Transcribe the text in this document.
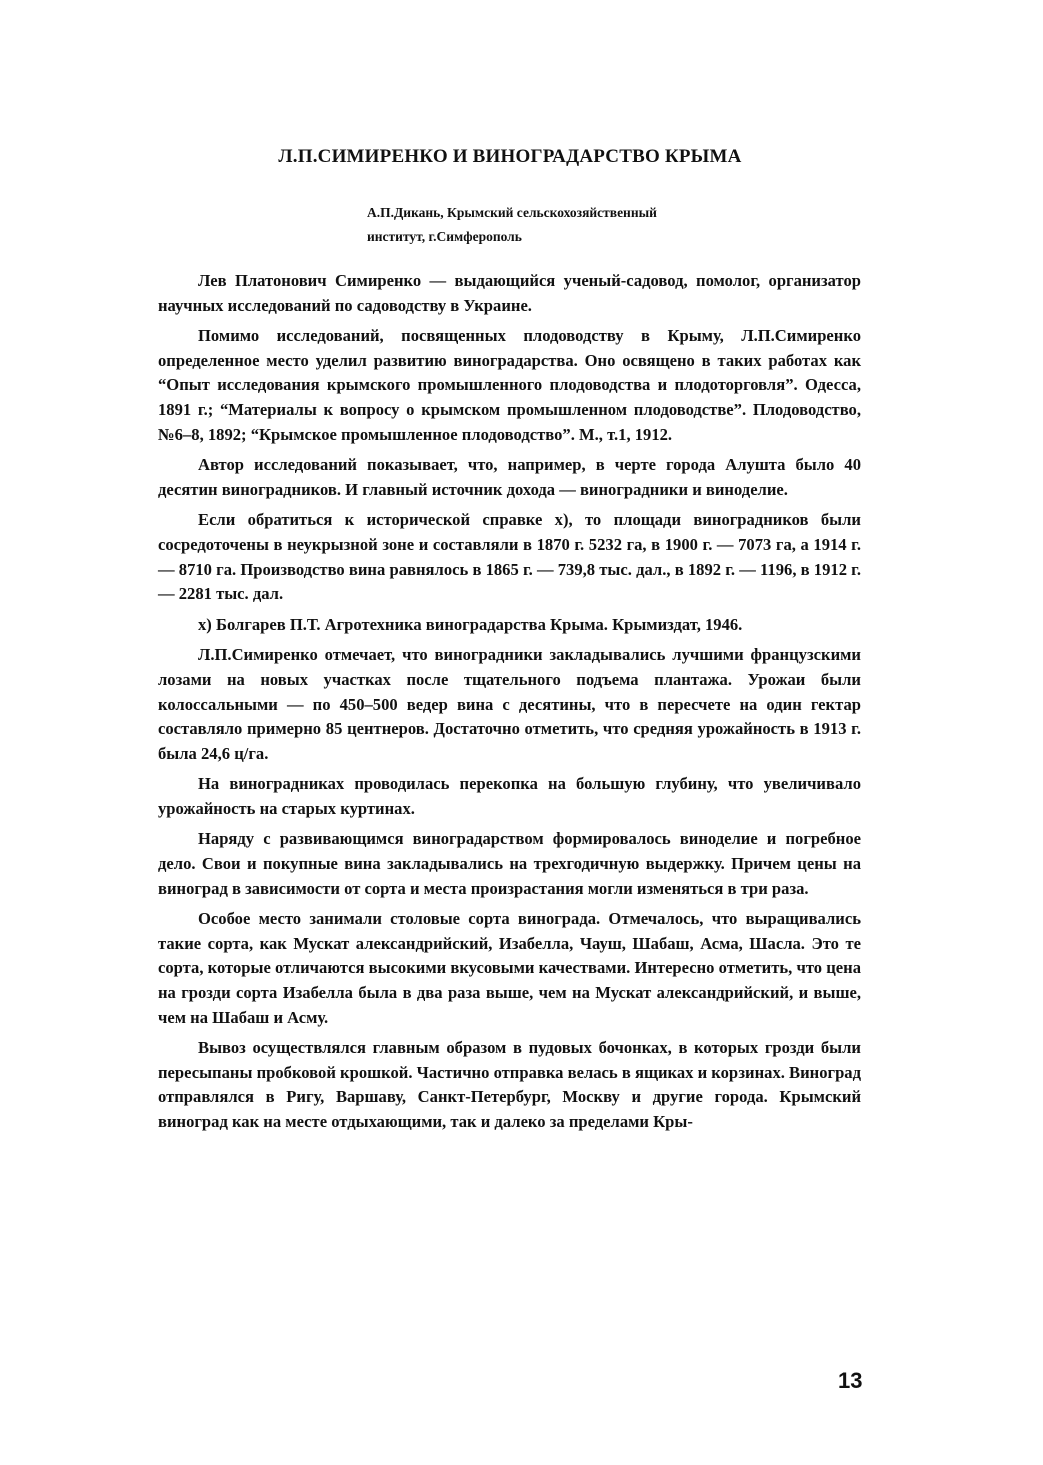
Л.П.СИМИРЕНКО И ВИНОГРАДАРСТВО КРЫМА
А.П.Дикань, Крымский сельскохозяйственный
институт, г.Симферополь

Лев Платонович Симиренко — выдающийся ученый-садовод, помолог, организатор научных исследований по садоводству в Украине.

Помимо исследований, посвященных плодоводству в Крыму, Л.П.Симиренко определенное место уделил развитию виноградарства. Оно освящено в таких работах как “Опыт исследования крымского промышленного плодоводства и плодоторговля”. Одесса, 1891 г.; “Материалы к вопросу о крымском промышленном плодоводстве”. Плодоводство, №6–8, 1892; “Крымское промышленное плодоводство”. М., т.1, 1912.

Автор исследований показывает, что, например, в черте города Алушта было 40 десятин виноградников. И главный источник дохода — виноградники и виноделие.

Если обратиться к исторической справке х), то площади виноградников были сосредоточены в неукрызной зоне и составляли в 1870 г. 5232 га, в 1900 г. — 7073 га, а 1914 г. — 8710 га. Производство вина равнялось в 1865 г. — 739,8 тыс. дал., в 1892 г. — 1196, в 1912 г. — 2281 тыс. дал.

х) Болгарев П.Т. Агротехника виноградарства Крыма. Крымиздат, 1946.

Л.П.Симиренко отмечает, что виноградники закладывались лучшими французскими лозами на новых участках после тщательного подъема плантажа. Урожаи были колоссальными — по 450–500 ведер вина с десятины, что в пересчете на один гектар составляло примерно 85 центнеров. Достаточно отметить, что средняя урожайность в 1913 г. была 24,6 ц/га.

На виноградниках проводилась перекопка на большую глубину, что увеличивало урожайность на старых куртинах.

Наряду с развивающимся виноградарством формировалось виноделие и погребное дело. Свои и покупные вина закладывались на трехгодичную выдержку. Причем цены на виноград в зависимости от сорта и места произрастания могли изменяться в три раза.

Особое место занимали столовые сорта винограда. Отмечалось, что выращивались такие сорта, как Мускат александрийский, Изабелла, Чауш, Шабаш, Асма, Шасла. Это те сорта, которые отличаются высокими вкусовыми качествами. Интересно отметить, что цена на грозди сорта Изабелла была в два раза выше, чем на Мускат александрийский, и выше, чем на Шабаш и Асму.

Вывоз осуществлялся главным образом в пудовых бочонках, в которых грозди были пересыпаны пробковой крошкой. Частично отправка велась в ящиках и корзинах. Виноград отправлялся в Ригу, Варшаву, Санкт-Петербург, Москву и другие города. Крымский виноград как на месте отдыхающими, так и далеко за пределами Кры-

13
